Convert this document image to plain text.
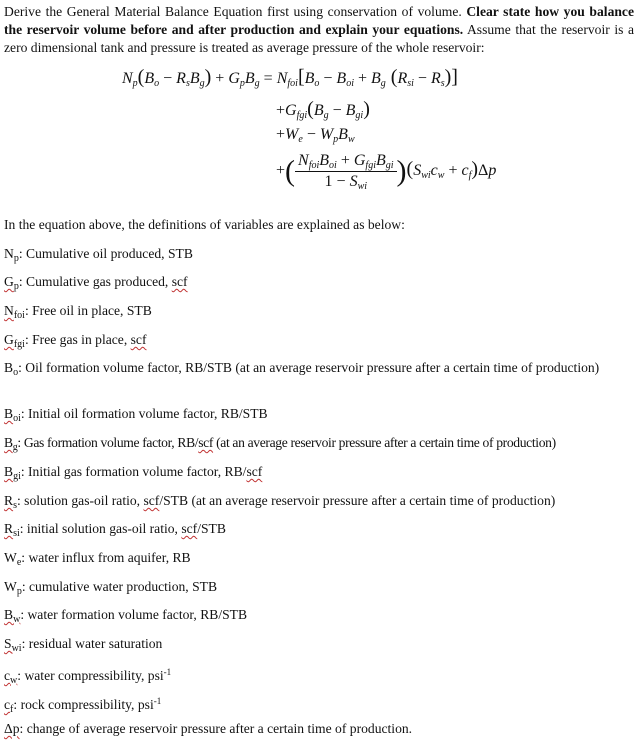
Derive the General Material Balance Equation first using conservation of volume. Clear state how you balance the reservoir volume before and after production and explain your equations. Assume that the reservoir is a zero dimensional tank and pressure is treated as average pressure of the whole reservoir:
$N_p(B_o - R_sB_g) + G_pB_g = N_{foi}[B_o - B_{oi} + B_g$ $(R_{si} - R_s)$]
$+G_{fgi}(B_g - B_{gi})$
$+W_e - W_pB_w$
+( $\frac{N_{foi}B_{oi} + G_{fgi}B_{gi}}{1 - S_{wi}} )(S_{wi}c_w + c_f)\Delta p$
In the equation above, the definitions of variables are explained as below:
$N_p$: Cumulative oil produced, STB
$G_p$: Cumulative gas produced, scf
$N_{foi}$: Free oil in place, STB
$G_{fgi}$: Free gas in place, scf
$B_o$: Oil formation volume factor, RB/STB (at an average reservoir pressure after a certain time of production)
$B_{oi}$: Initial oil formation volume factor, RB/STB
$B_g$: Gas formation volume factor, RB/scf (at an average reservoir pressure after a certain time of production)
$B_{gi}$: Initial gas formation volume factor, RB/scf
$R_s$: solution gas-oil ratio, scf/STB (at an average reservoir pressure after a certain time of production)
$R_{si}$: initial solution gas-oil ratio, scf/STB
$W_e$: water influx from aquifer, RB
$W_p$: cumulative water production, STB
$B_w$: water formation volume factor, RB/STB
$S_{wi}$: residual water saturation
$c_w$: water compressibility, psi$^{-1}$
$c_f$: rock compressibility, psi$^{-1}$
Δp: change of average reservoir pressure after a certain time of production.
